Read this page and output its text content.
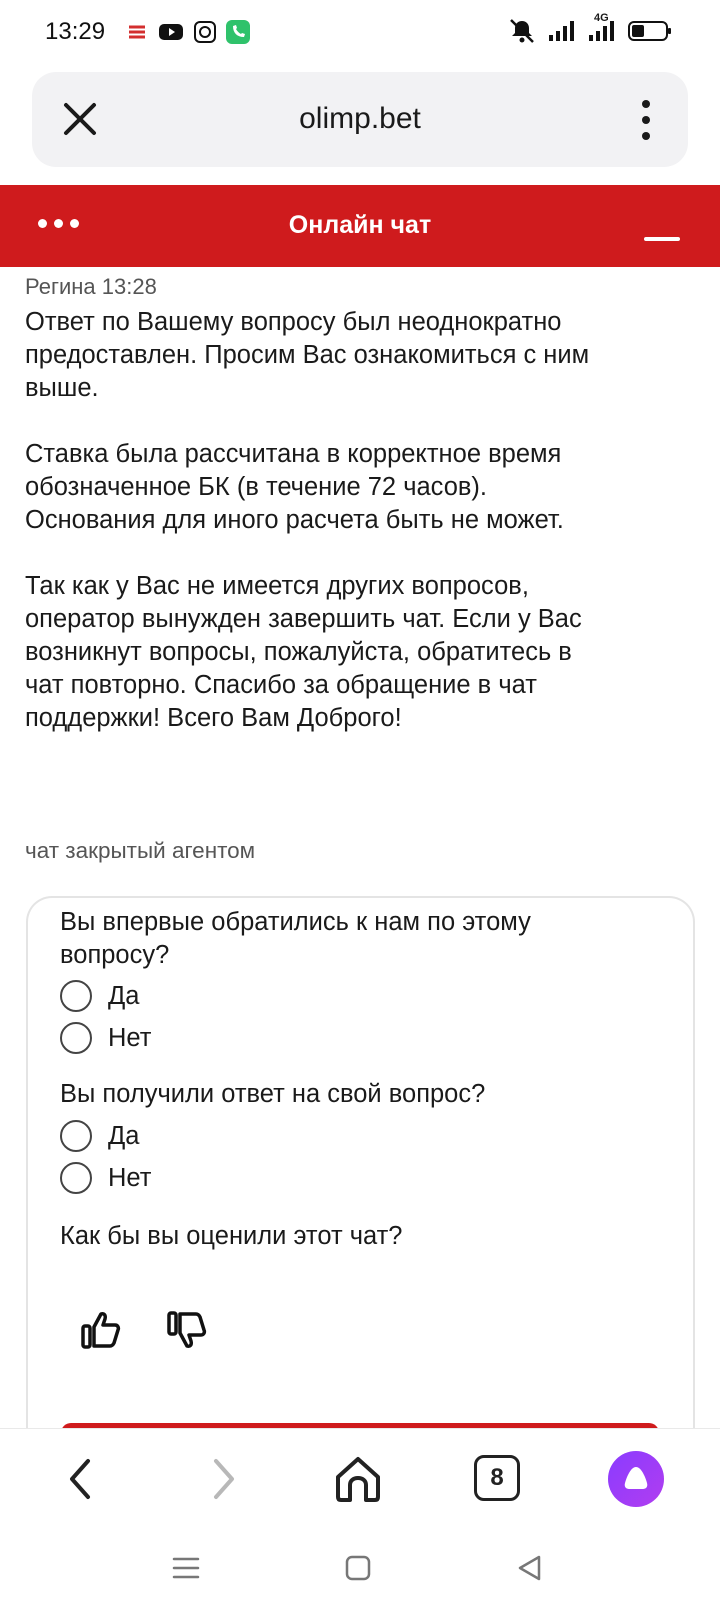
13:29	4G
olimp.bet
Онлайн чат
Регина 13:28

Ответ по Вашему вопросу был неоднократно предоставлен. Просим Вас ознакомиться с ним выше.

Ставка была рассчитана в корректное время обозначенное БК (в течение 72 часов). Основания для иного расчета быть не может.

Так как у Вас не имеется других вопросов, оператор вынужден завершить чат. Если у Вас возникнут вопросы, пожалуйста, обратитесь в чат повторно. Спасибо за обращение в чат поддержки! Всего Вам Доброго!

чат закрытый агентом
Вы впервые обратились к нам по этому вопросу?
Да
Нет
Вы получили ответ на свой вопрос?
Да
Нет
Как бы вы оценили этот чат?
8
